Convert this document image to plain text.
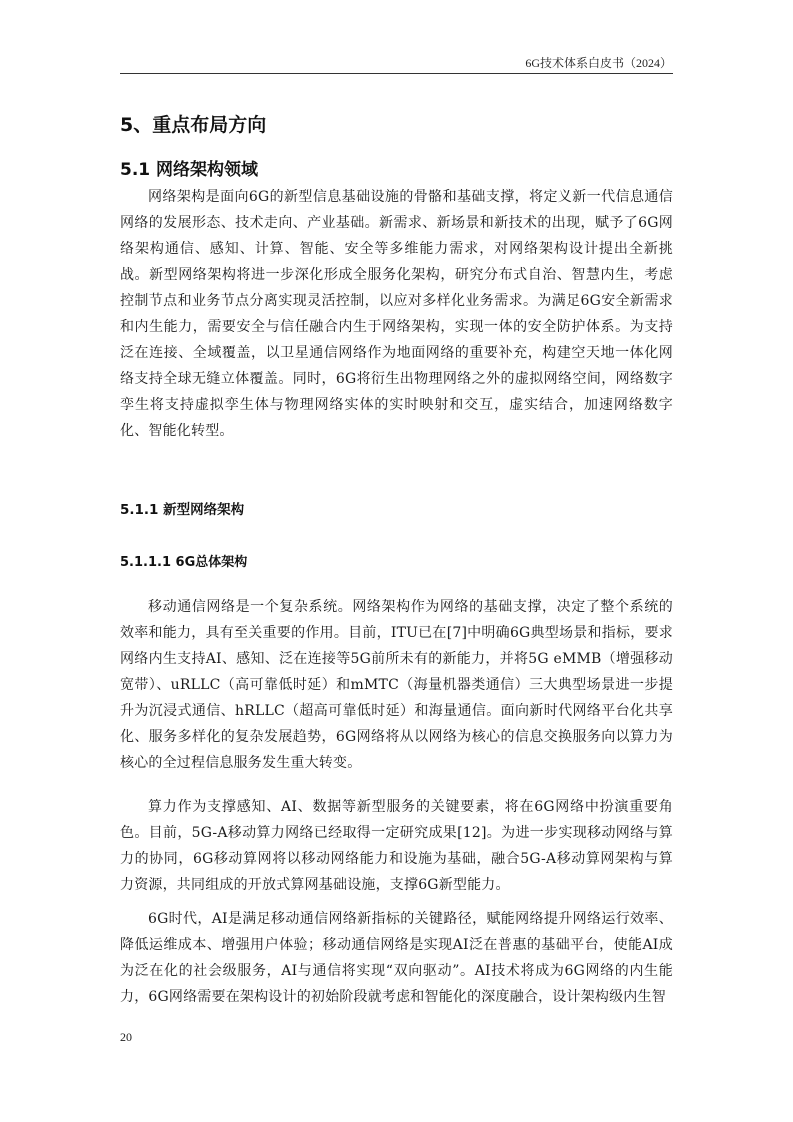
6G技术体系白皮书（2024）
5、重点布局方向
5.1 网络架构领域

网络架构是面向6G的新型信息基础设施的骨骼和基础支撑，将定义新一代信息通信网络的发展形态、技术走向、产业基础。新需求、新场景和新技术的出现，赋予了6G网络架构通信、感知、计算、智能、安全等多维能力需求，对网络架构设计提出全新挑战。新型网络架构将进一步深化形成全服务化架构，研究分布式自治、智慧内生，考虑控制节点和业务节点分离实现灵活控制，以应对多样化业务需求。为满足6G安全新需求和内生能力，需要安全与信任融合内生于网络架构，实现一体的安全防护体系。为支持泛在连接、全域覆盖，以卫星通信网络作为地面网络的重要补充，构建空天地一体化网络支持全球无缝立体覆盖。同时，6G将衍生出物理网络之外的虚拟网络空间，网络数字孪生将支持虚拟孪生体与物理网络实体的实时映射和交互，虚实结合，加速网络数字化、智能化转型。

5.1.1 新型网络架构
5.1.1.1 6G总体架构

移动通信网络是一个复杂系统。网络架构作为网络的基础支撑，决定了整个系统的效率和能力，具有至关重要的作用。目前，ITU已在[7]中明确6G典型场景和指标，要求网络内生支持AI、感知、泛在连接等5G前所未有的新能力，并将5G eMMB（增强移动宽带）、uRLLC（高可靠低时延）和mMTC（海量机器类通信）三大典型场景进一步提升为沉浸式通信、hRLLC（超高可靠低时延）和海量通信。面向新时代网络平台化共享化、服务多样化的复杂发展趋势，6G网络将从以网络为核心的信息交换服务向以算力为核心的全过程信息服务发生重大转变。

算力作为支撑感知、AI、数据等新型服务的关键要素，将在6G网络中扮演重要角色。目前，5G-A移动算力网络已经取得一定研究成果[12]。为进一步实现移动网络与算力的协同，6G移动算网将以移动网络能力和设施为基础，融合5G-A移动算网架构与算力资源，共同组成的开放式算网基础设施，支撑6G新型能力。

6G时代，AI是满足移动通信网络新指标的关键路径，赋能网络提升网络运行效率、降低运维成本、增强用户体验；移动通信网络是实现AI泛在普惠的基础平台，使能AI成为泛在化的社会级服务，AI与通信将实现“双向驱动”。AI技术将成为6G网络的内生能力，6G网络需要在架构设计的初始阶段就考虑和智能化的深度融合，设计架构级内生智

20
